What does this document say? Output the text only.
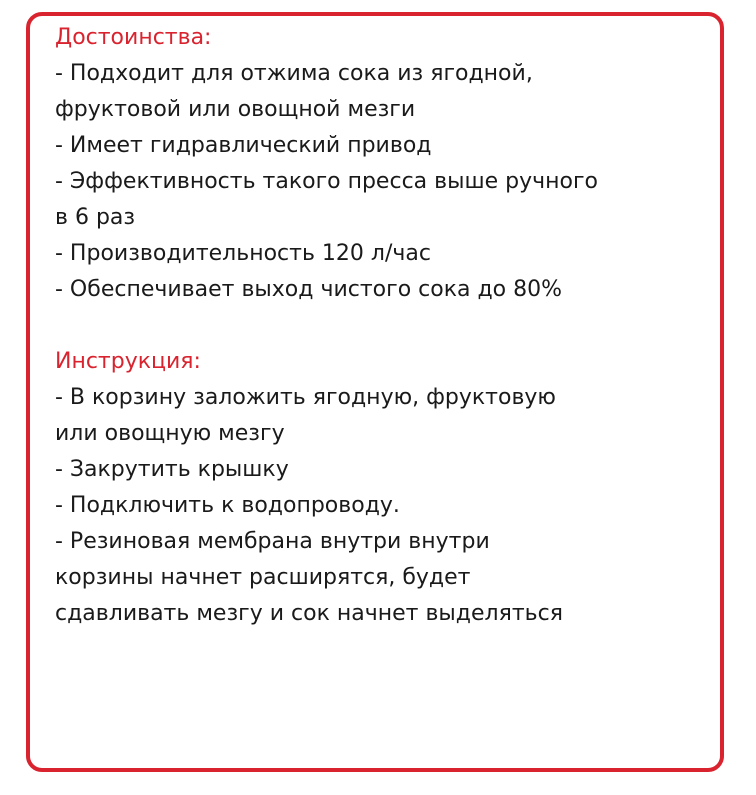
Достоинства:
- Подходит для отжима сока из ягодной,
фруктовой или овощной мезги
- Имеет гидравлический привод
- Эффективность такого пресса выше ручного
в 6 раз
- Производительность 120 л/час
- Обеспечивает выход чистого сока до 80%
Инструкция:
- В корзину заложить ягодную, фруктовую
или овощную мезгу
- Закрутить крышку
- Подключить к водопроводу.
- Резиновая мембрана внутри внутри
корзины начнет расширятся, будет
сдавливать мезгу и сок начнет выделяться
